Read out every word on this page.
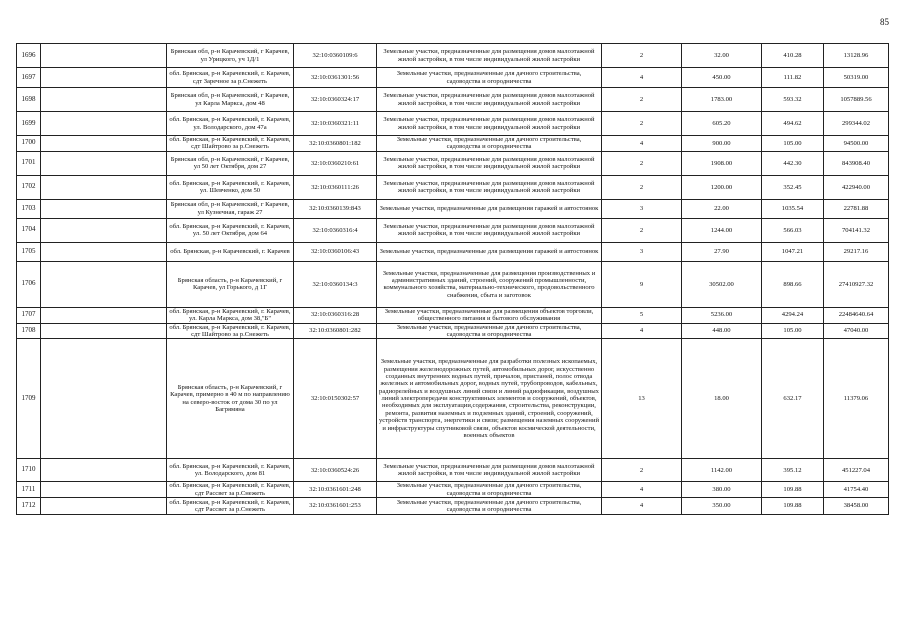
85
1696		Брянская обл, р-н Карачевский, г Карачев, ул Урицкого, уч 1Д/1	32:10:0360109:6	Земельные участки, предназначенные для размещения домов малоэтажной жилой застройки, в том числе индивидуальной жилой застройки	2	32.00	410.28	13128.96
1697		обл. Брянская, р-н Карачевский, г. Карачев, сдт Заречное за р.Снежеть	32:10:0361301:56	Земельные участки, предназначенные для дачного строительства, садоводства и огородничества	4	450.00	111.82	50319.00
1698		Брянская обл, р-н Карачевский, г Карачев, ул Карла Маркса, дом 48	32:10:0360324:17	Земельные участки, предназначенные для размещения домов малоэтажной жилой застройки, в том числе индивидуальной жилой застройки	2	1783.00	593.32	1057889.56
1699		обл. Брянская, р-н Карачевский, г. Карачев, ул. Володарского, дом 47а	32:10:0360321:11	Земельные участки, предназначенные для размещения домов малоэтажной жилой застройки, в том числе индивидуальной жилой застройки	2	605.20	494.62	299344.02
1700		обл. Брянская, р-н Карачевский, г. Карачев, сдт Шайтрово за р.Снежеть	32:10:0360801:182	Земельные участки, предназначенные для дачного строительства, садоводства и огородничества	4	900.00	105.00	94500.00
1701		Брянская обл, р-н Карачевский, г Карачев, ул 50 лет Октября, дом 27	32:10:0360210:61	Земельные участки, предназначенные для размещения домов малоэтажной жилой застройки, в том числе индивидуальной жилой застройки	2	1908.00	442.30	843908.40
1702		обл. Брянская, р-н Карачевский, г. Карачев, ул. Шевченко, дом 50	32:10:0360111:26	Земельные участки, предназначенные для размещения домов малоэтажной жилой застройки, в том числе индивидуальной жилой застройки	2	1200.00	352.45	422940.00
1703		Брянская обл, р-н Карачевский, г Карачев, ул Кузнечная, гараж 27	32:10:0360139:843	Земельные участки, предназначенные для размещения гаражей и автостоянок	3	22.00	1035.54	22781.88
1704		обл. Брянская, р-н Карачевский, г. Карачев, ул. 50 лет Октября, дом 64	32:10:0360316:4	Земельные участки, предназначенные для размещения домов малоэтажной жилой застройки, в том числе индивидуальной жилой застройки	2	1244.00	566.03	704141.32
1705		обл. Брянская, р-н Карачевский, г. Карачев	32:10:0360106:43	Земельные участки, предназначенные для размещения гаражей и автостоянок	3	27.90	1047.21	29217.16
1706		Брянская область, р-н Карачевский, г Карачев, ул Горького, д 1Г	32:10:0360134:3	Земельные участки, предназначенные для размещения производственных и административных зданий, строений, сооружений промышленности, коммунального хозяйства, материально-технического, продовольственного снабжения, сбыта и заготовок	9	30502.00	898.66	27410927.32
1707		обл. Брянская, р-н Карачевский, г. Карачев, ул. Карла Маркса, дом 38,"Б"	32:10:0360316:28	Земельные участки, предназначенные для размещения объектов торговли, общественного питания и бытового обслуживания	5	5236.00	4294.24	22484640.64
1708		обл. Брянская, р-н Карачевский, г. Карачев, сдт Шайтрово за р.Снежеть	32:10:0360801:282	Земельные участки, предназначенные для дачного строительства, садоводства и огородничества	4	448.00	105.00	47040.00
1709		Брянская область, р-н Карачевский, г Карачев, примерно в 40 м по направлению на северо-восток от дома 30 по ул Багрямяна	32:10:0150302:57	Земельные участки, предназначенные для разработки полезных ископаемых, размещения железнодорожных путей, автомобильных дорог, искусственно созданных внутренних водных путей, причалов, пристаней, полос отвода железных и автомобильных дорог, водных путей, трубопроводов, кабельных, радиорелейных и воздушных линий связи и линий радиофикации, воздушных линий электропередачи конструктивных элементов и сооружений, объектов, необходимых для эксплуатации,содержания, строительства, реконструкции, ремонта, развития наземных и подземных зданий, строений, сооружений, устройств транспорта, энергетики и связи; размещения наземных сооружений и инфраструктуры спутниковой связи, объектов космической деятельности, военных объектов	13	18.00	632.17	11379.06
1710		обл. Брянская, р-н Карачевский, г. Карачев, ул. Володарского, дом 81	32:10:0360524:26	Земельные участки, предназначенные для размещения домов малоэтажной жилой застройки, в том числе индивидуальной жилой застройки	2	1142.00	395.12	451227.04
1711		обл. Брянская, р-н Карачевский, г. Карачев, сдт Рассвет за р.Снежеть	32:10:0361601:248	Земельные участки, предназначенные для дачного строительства, садоводства и огородничества	4	380.00	109.88	41754.40
1712		обл. Брянская, р-н Карачевский, г. Карачев, сдт Рассвет за р.Снежеть	32:10:0361601:253	Земельные участки, предназначенные для дачного строительства, садоводства и огородничества	4	350.00	109.88	38458.00
